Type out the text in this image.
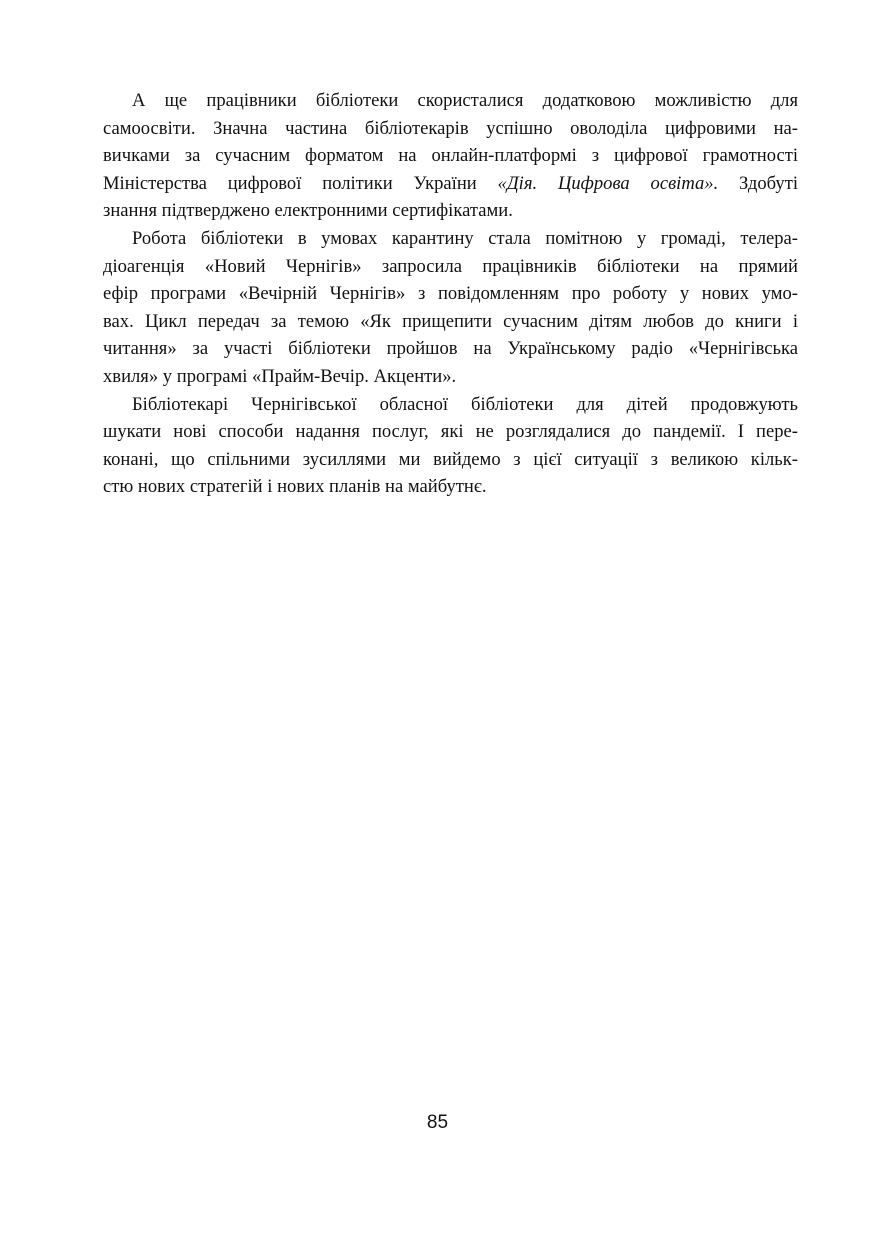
А ще працівники бібліотеки скористалися додатковою можливістю для
самоосвіти. Значна частина бібліотекарів успішно оволоділа цифровими на-
вичками за сучасним форматом на онлайн-платформі з цифрової грамотності
Міністерства цифрової політики України «Дія. Цифрова освіта». Здобуті
знання підтверджено електронними сертифікатами.
Робота бібліотеки в умовах карантину стала помітною у громаді, телера-
діоагенція «Новий Чернігів» запросила працівників бібліотеки на прямий
ефір програми «Вечірній Чернігів» з повідомленням про роботу у нових умо-
вах. Цикл передач за темою «Як прищепити сучасним дітям любов до книги і
читання» за участі бібліотеки пройшов на Українському радіо «Чернігівська
хвиля» у програмі «Прайм-Вечір. Акценти».
Бібліотекарі Чернігівської обласної бібліотеки для дітей продовжують
шукати нові способи надання послуг, які не розглядалися до пандемії. І пере-
конані, що спільними зусиллями ми вийдемо з цієї ситуації з великою кільк-
стю нових стратегій і нових планів на майбутнє.
85
